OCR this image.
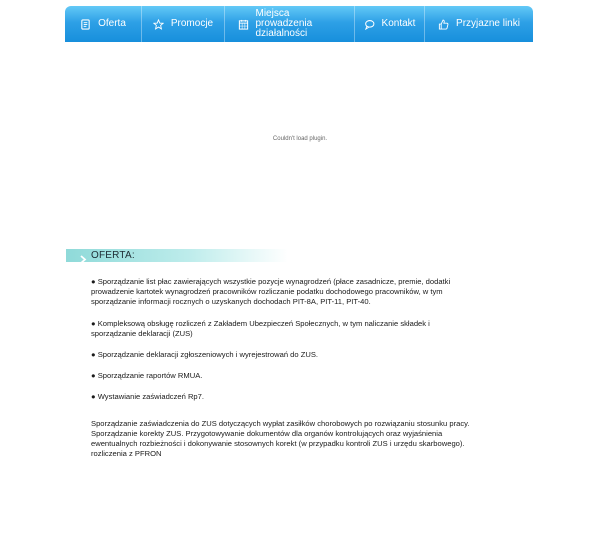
Oferta	Promocje
Miejsca prowadzenia działalności
Kontakt	Przyjazne linki
Couldn't load plugin.
OFERTA:

● Sporządzanie list płac zawierających wszystkie pozycje wynagrodzeń (płace zasadnicze, premie, dodatki prowadzenie kartotek wynagrodzeń pracowników rozliczanie podatku dochodowego pracowników, w tym sporządzanie informacji rocznych o uzyskanych dochodach PIT-8A, PIT-11, PIT-40.

● Kompleksową obsługę rozliczeń z Zakładem Ubezpieczeń Społecznych, w tym naliczanie składek i sporządzanie deklaracji (ZUS)

● Sporządzanie deklaracji zgłoszeniowych i wyrejestrowań do ZUS.

● Sporządzanie raportów RMUA.

● Wystawianie zaświadczeń Rp7.

Sporządzanie zaświadczenia do ZUS dotyczących wypłat zasiłków chorobowych po rozwiązaniu stosunku pracy. Sporządzanie korekty ZUS. Przygotowywanie dokumentów dla organów kontrolujących oraz wyjaśnienia ewentualnych rozbieżności i dokonywanie stosownych korekt (w przypadku kontroli ZUS i urzędu skarbowego). rozliczenia z PFRON
